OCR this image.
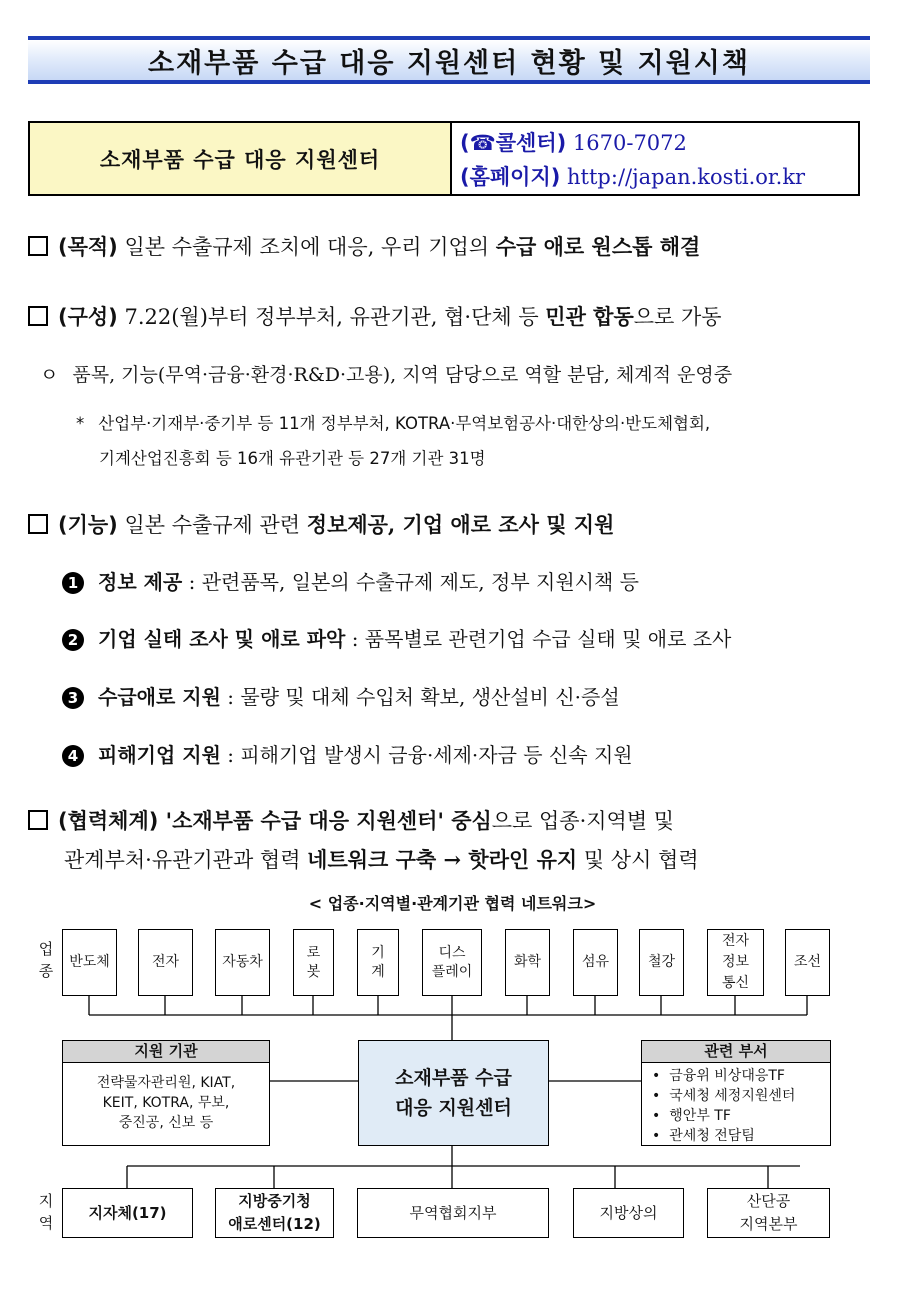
소재부품 수급 대응 지원센터 현황 및 지원시책
소재부품 수급 대응 지원센터
(☎콜센터) 1670-7072
(홈페이지) http://japan.kosti.or.kr
(목적) 일본 수출규제 조치에 대응, 우리 기업의 수급 애로 원스톱 해결
(구성) 7.22(월)부터 정부부처, 유관기관, 협·단체 등 민관 합동으로 가동
ㅇ 품목, 기능(무역·금융·환경·R&D·고용), 지역 담당으로 역할 분담, 체계적 운영중
* 산업부·기재부·중기부 등 11개 정부부처, KOTRA·무역보험공사·대한상의·반도체협회,
기계산업진흥회 등 16개 유관기관 등 27개 기관 31명
(기능) 일본 수출규제 관련 정보제공, 기업 애로 조사 및 지원
1 정보 제공 : 관련품목, 일본의 수출규제 제도, 정부 지원시책 등
2 기업 실태 조사 및 애로 파악 : 품목별로 관련기업 수급 실태 및 애로 조사
3 수급애로 지원 : 물량 및 대체 수입처 확보, 생산설비 신·증설
4 피해기업 지원 : 피해기업 발생시 금융·세제·자금 등 신속 지원
(협력체계) '소재부품 수급 대응 지원센터' 중심으로 업종·지역별 및
관계부처·유관기관과 협력 네트워크 구축 → 핫라인 유지 및 상시 협력
< 업종·지역별·관계기관 협력 네트워크>
업
종 반도체	전자	자동차
로
봇
기
계
디스
플레이
화학	섬유	철강
전자
정보
통신
조선
지원 기관
전략물자관리원, KIAT,
KEIT, KOTRA, 무보,
중진공, 신보 등
소재부품 수급
대응 지원센터
관련 부서
• 금융위 비상대응TF
• 국세청 세정지원센터
• 행안부 TF
• 관세청 전담팀
지
역
지자체(17)
지방중기청
애로센터(12)
무역협회지부	지방상의
산단공
지역본부
